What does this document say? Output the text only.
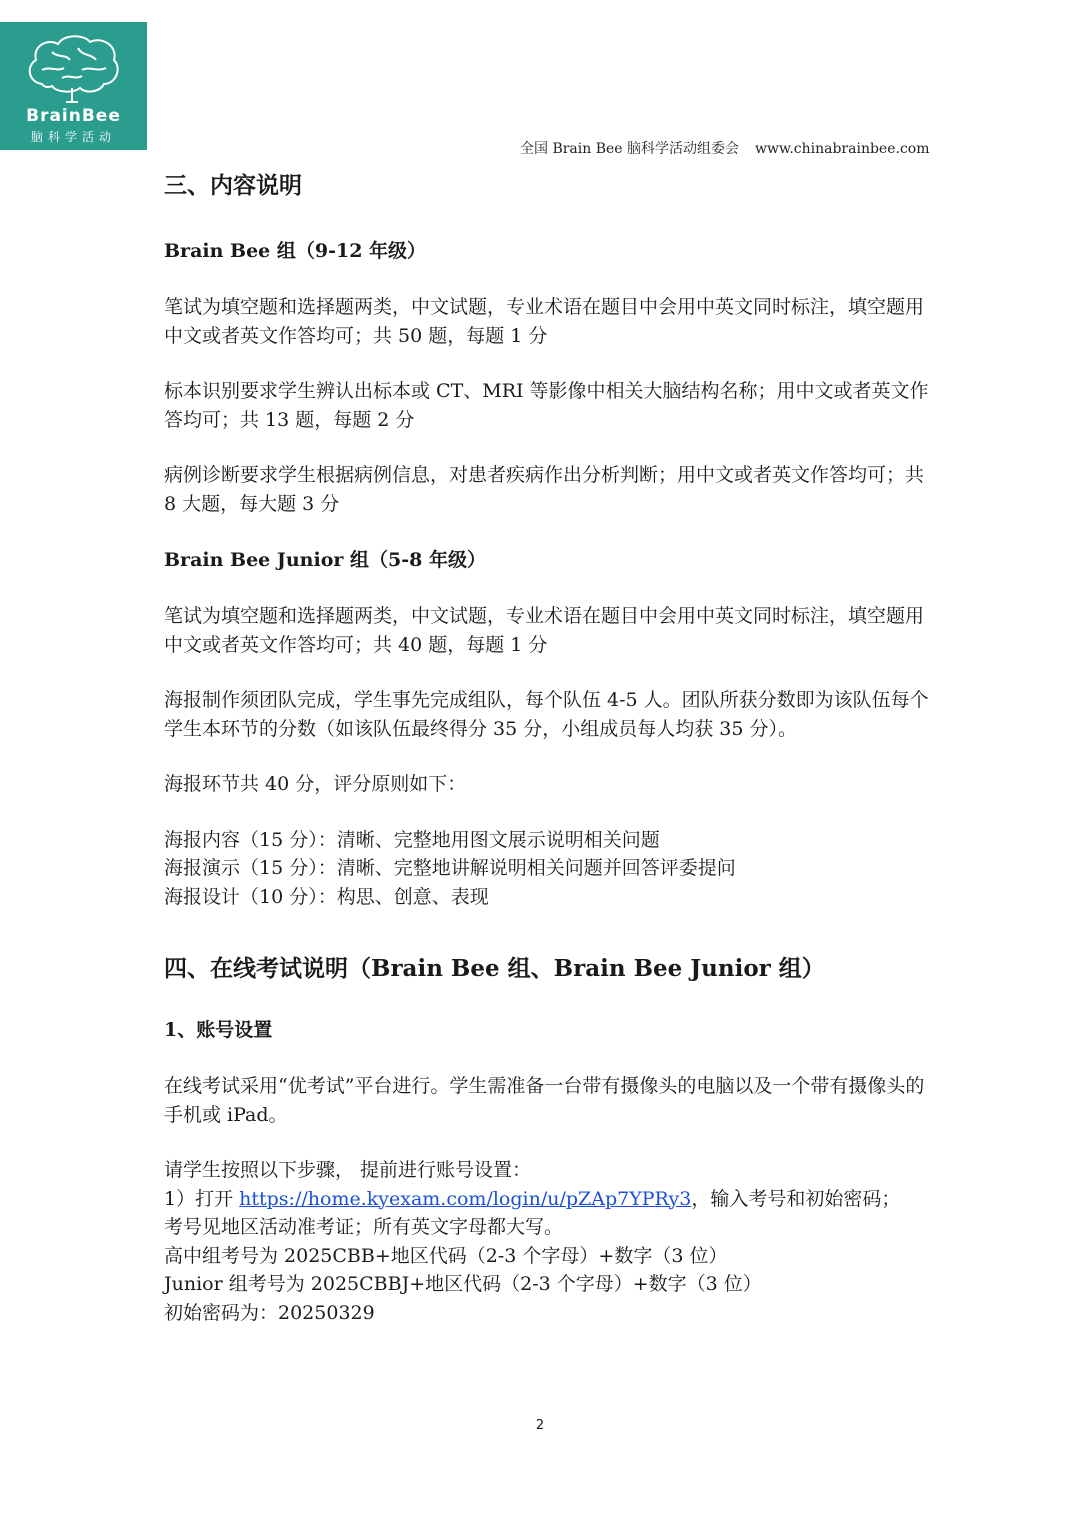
BrainBee
脑科学活动
全国 Brain Bee 脑科学活动组委会 www.chinabrainbee.com
三、内容说明
Brain Bee 组（9-12 年级）

笔试为填空题和选择题两类，中文试题，专业术语在题目中会用中英文同时标注，填空题用中文或者英文作答均可；共 50 题，每题 1 分

标本识别要求学生辨认出标本或 CT、MRI 等影像中相关大脑结构名称；用中文或者英文作答均可；共 13 题，每题 2 分

病例诊断要求学生根据病例信息，对患者疾病作出分析判断；用中文或者英文作答均可；共 8 大题，每大题 3 分

Brain Bee Junior 组（5-8 年级）

笔试为填空题和选择题两类，中文试题，专业术语在题目中会用中英文同时标注，填空题用中文或者英文作答均可；共 40 题，每题 1 分

海报制作须团队完成，学生事先完成组队，每个队伍 4-5 人。团队所获分数即为该队伍每个学生本环节的分数（如该队伍最终得分 35 分，小组成员每人均获 35 分）。

海报环节共 40 分，评分原则如下：

海报内容（15 分）：清晰、完整地用图文展示说明相关问题

海报演示（15 分）：清晰、完整地讲解说明相关问题并回答评委提问

海报设计（10 分）：构思、创意、表现

四、在线考试说明（Brain Bee 组、Brain Bee Junior 组）
1、账号设置

在线考试采用“优考试”平台进行。学生需准备一台带有摄像头的电脑以及一个带有摄像头的手机或 iPad。

请学生按照以下步骤， 提前进行账号设置：

1）打开 https://home.kyexam.com/login/u/pZAp7YPRy3，输入考号和初始密码；

考号见地区活动准考证；所有英文字母都大写。

高中组考号为 2025CBB+地区代码（2-3 个字母）+数字（3 位）

Junior 组考号为 2025CBBJ+地区代码（2-3 个字母）+数字（3 位）

初始密码为：20250329

2
